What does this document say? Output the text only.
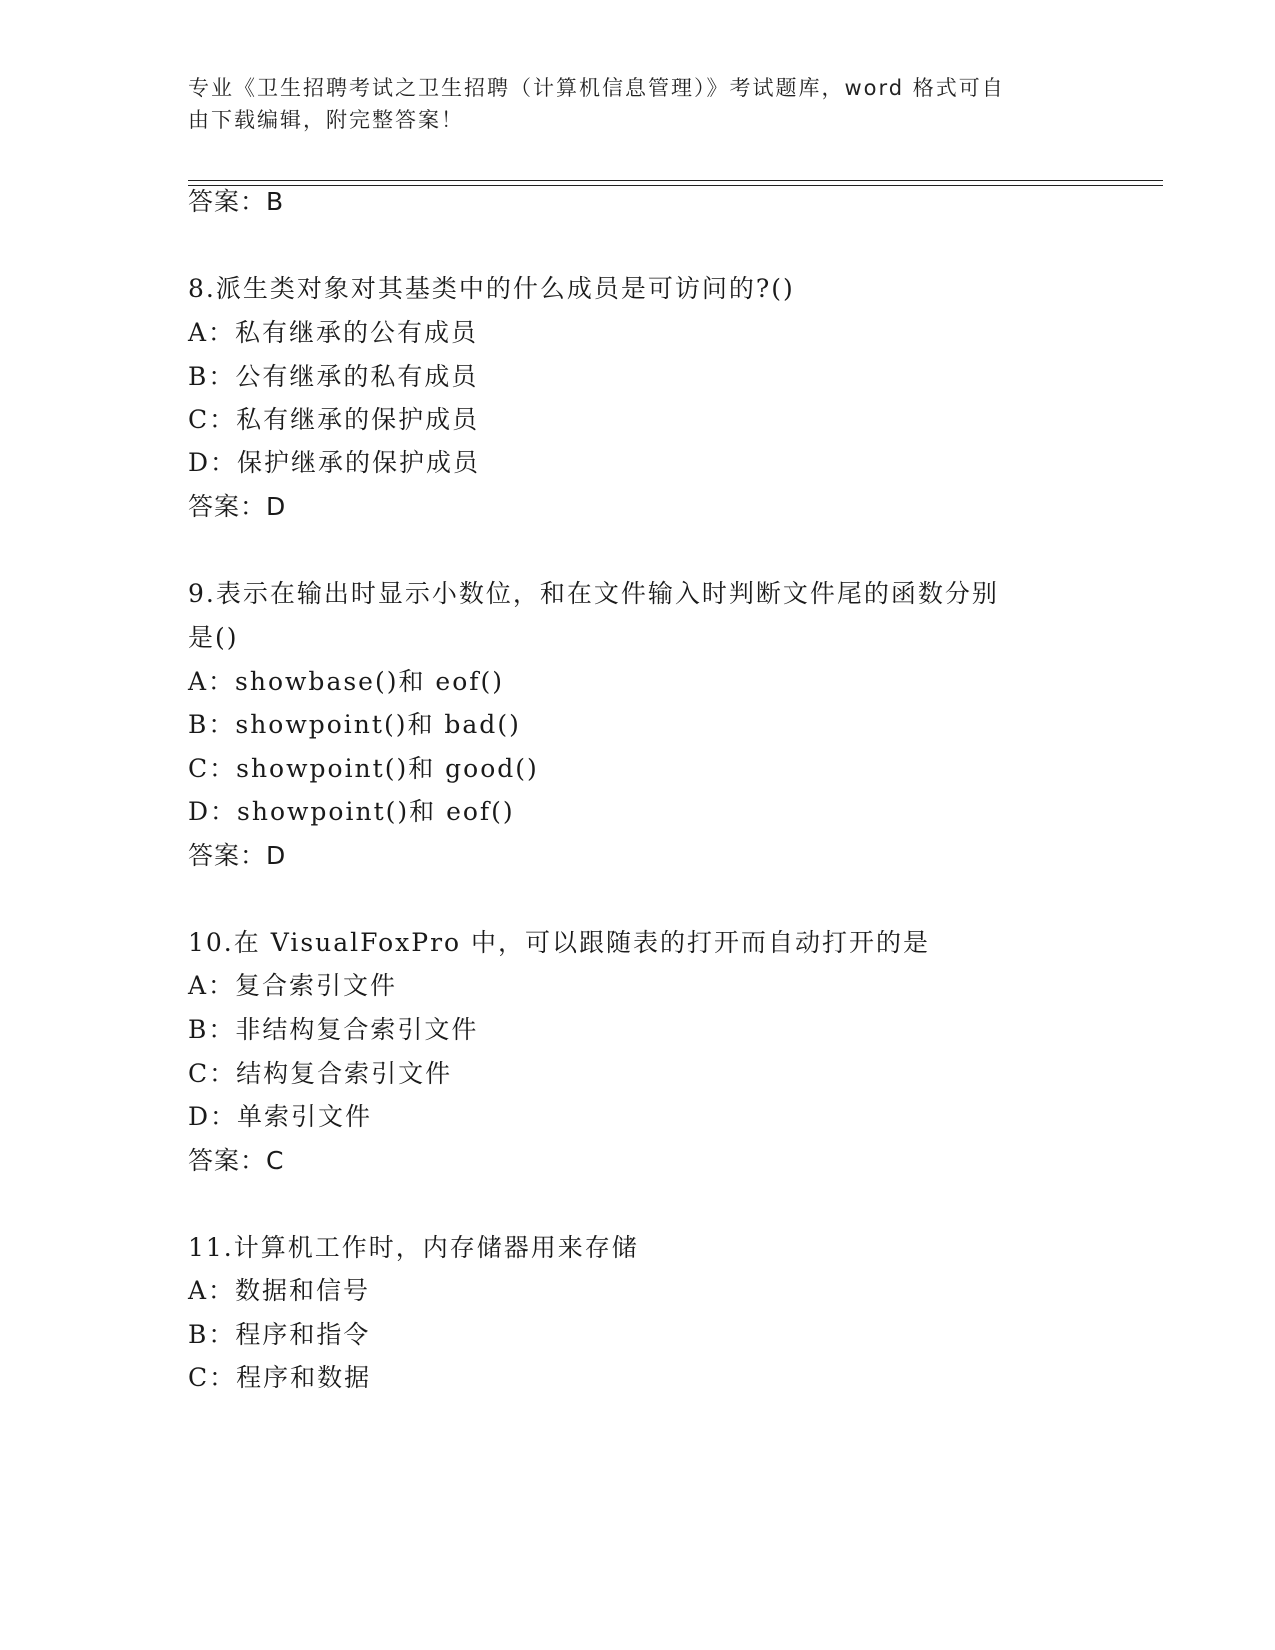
专业《卫生招聘考试之卫生招聘（计算机信息管理）》考试题库，word 格式可自
由下载编辑，附完整答案！
答案：B
8.派生类对象对其基类中的什么成员是可访问的?()
A：私有继承的公有成员
B：公有继承的私有成员
C：私有继承的保护成员
D：保护继承的保护成员
答案：D
9.表示在输出时显示小数位，和在文件输入时判断文件尾的函数分别
是()
A：showbase()和 eof()
B：showpoint()和 bad()
C：showpoint()和 good()
D：showpoint()和 eof()
答案：D
10.在 VisualFoxPro 中，可以跟随表的打开而自动打开的是
A：复合索引文件
B：非结构复合索引文件
C：结构复合索引文件
D：单索引文件
答案：C
11.计算机工作时，内存储器用来存储
A：数据和信号
B：程序和指令
C：程序和数据
